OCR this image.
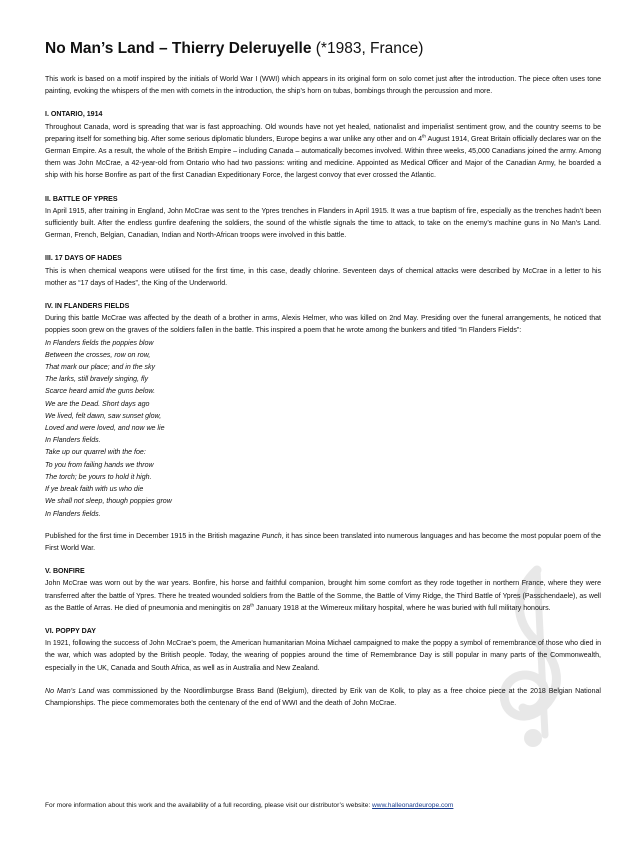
No Man’s Land – Thierry Deleruyelle (*1983, France)

This work is based on a motif inspired by the initials of World War I (WWI) which appears in its original form on solo cornet just after the introduction. The piece often uses tone painting, evoking the whispers of the men with cornets in the introduction, the ship’s horn on tubas, bombings through the percussion and more.

I. ONTARIO, 1914

Throughout Canada, word is spreading that war is fast approaching. Old wounds have not yet healed, nationalist and imperialist sentiment grow, and the country seems to be preparing itself for something big. After some serious diplomatic blunders, Europe begins a war unlike any other and on 4th August 1914, Great Britain officially declares war on the German Empire. As a result, the whole of the British Empire – including Canada – automatically becomes involved. Within three weeks, 45,000 Canadians joined the army. Among them was John McCrae, a 42-year-old from Ontario who had two passions: writing and medicine. Appointed as Medical Officer and Major of the Canadian Army, he boarded a ship with his horse Bonfire as part of the first Canadian Expeditionary Force, the largest convoy that ever crossed the Atlantic.

II. BATTLE OF YPRES

In April 1915, after training in England, John McCrae was sent to the Ypres trenches in Flanders in April 1915. It was a true baptism of fire, especially as the trenches hadn’t been sufficiently built. After the endless gunfire deafening the soldiers, the sound of the whistle signals the time to attack, to take on the enemy’s machine guns in No Man’s Land. German, French, Belgian, Canadian, Indian and North-African troops were involved in this battle.

III. 17 DAYS OF HADES

This is when chemical weapons were utilised for the first time, in this case, deadly chlorine. Seventeen days of chemical attacks were described by McCrae in a letter to his mother as “17 days of Hades”, the King of the Underworld.

IV. IN FLANDERS FIELDS

During this battle McCrae was affected by the death of a brother in arms, Alexis Helmer, who was killed on 2nd May. Presiding over the funeral arrangements, he noticed that poppies soon grew on the graves of the soldiers fallen in the battle. This inspired a poem that he wrote among the bunkers and titled “In Flanders Fields”:

In Flanders fields the poppies blow
Between the crosses, row on row,
That mark our place; and in the sky
The larks, still bravely singing, fly
Scarce heard amid the guns below.
We are the Dead. Short days ago
We lived, felt dawn, saw sunset glow,
Loved and were loved, and now we lie
In Flanders fields.
Take up our quarrel with the foe:
To you from failing hands we throw
The torch; be yours to hold it high.
If ye break faith with us who die
We shall not sleep, though poppies grow
In Flanders fields.

Published for the first time in December 1915 in the British magazine Punch, it has since been translated into numerous languages and has become the most popular poem of the First World War.

V. BONFIRE

John McCrae was worn out by the war years. Bonfire, his horse and faithful companion, brought him some comfort as they rode together in northern France, where they were transferred after the battle of Ypres. There he treated wounded soldiers from the Battle of the Somme, the Battle of Vimy Ridge, the Third Battle of Ypres (Passchendaele), as well as the Battle of Arras. He died of pneumonia and meningitis on 28th January 1918 at the Wimereux military hospital, where he was buried with full military honours.

VI. POPPY DAY

In 1921, following the success of John McCrae’s poem, the American humanitarian Moina Michael campaigned to make the poppy a symbol of remembrance of those who died in the war, which was adopted by the British people. Today, the wearing of poppies around the time of Remembrance Day is still popular in many parts of the Commonwealth, especially in the UK, Canada and South Africa, as well as in Australia and New Zealand.

No Man’s Land was commissioned by the Noordlimburgse Brass Band (Belgium), directed by Erik van de Kolk, to play as a free choice piece at the 2018 Belgian National Championships. The piece commemorates both the centenary of the end of WWI and the death of John McCrae.

For more information about this work and the availability of a full recording, please visit our distributor’s website: www.halleonardeurope.com
